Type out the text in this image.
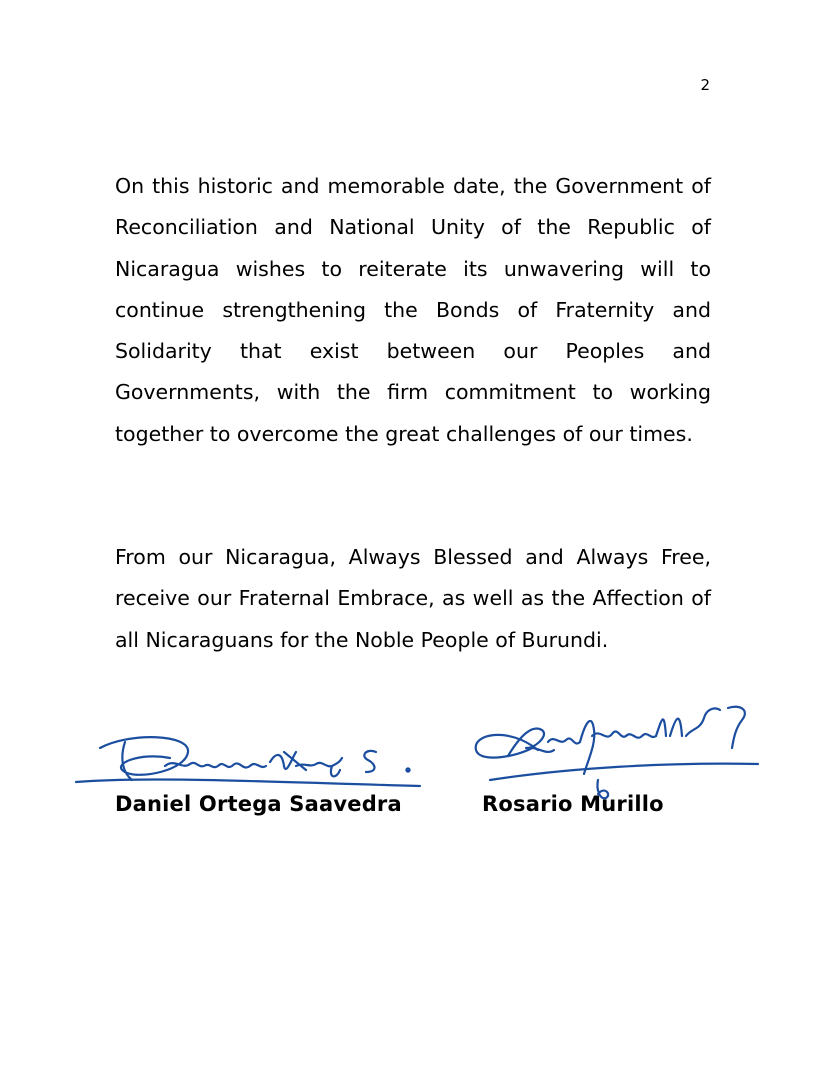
2

On this historic and memorable date, the Government of Reconciliation and National Unity of the Republic of Nicaragua wishes to reiterate its unwavering will to continue strengthening the Bonds of Fraternity and Solidarity that exist between our Peoples and Governments, with the firm commitment to working together to overcome the great challenges of our times.

From our Nicaragua, Always Blessed and Always Free, receive our Fraternal Embrace, as well as the Affection of all Nicaraguans for the Noble People of Burundi.

Daniel Ortega Saavedra	Rosario Murillo
